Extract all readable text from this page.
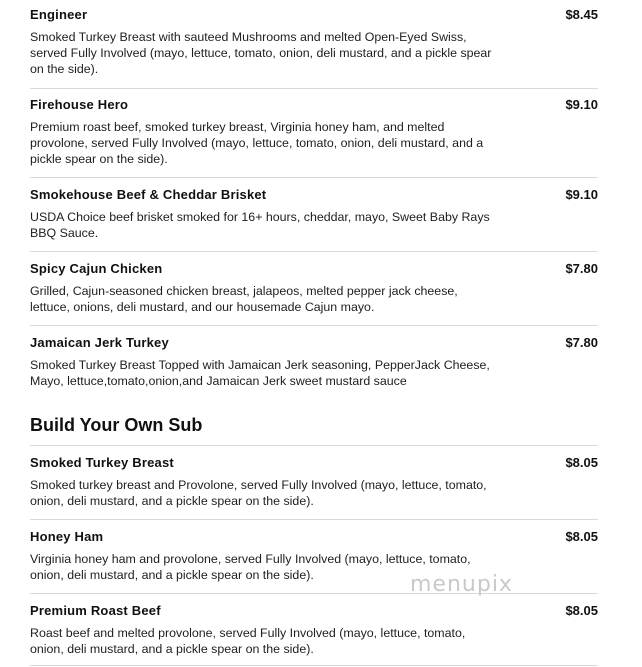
Engineer	$8.45
Smoked Turkey Breast with sauteed Mushrooms and melted Open-Eyed Swiss, served Fully Involved (mayo, lettuce, tomato, onion, deli mustard, and a pickle spear on the side).
Firehouse Hero	$9.10
Premium roast beef, smoked turkey breast, Virginia honey ham, and melted provolone, served Fully Involved (mayo, lettuce, tomato, onion, deli mustard, and a pickle spear on the side).
Smokehouse Beef & Cheddar Brisket	$9.10
USDA Choice beef brisket smoked for 16+ hours, cheddar, mayo, Sweet Baby Rays BBQ Sauce.
Spicy Cajun Chicken	$7.80
Grilled, Cajun-seasoned chicken breast, jalapeos, melted pepper jack cheese, lettuce, onions, deli mustard, and our housemade Cajun mayo.
Jamaican Jerk Turkey	$7.80
Smoked Turkey Breast Topped with Jamaican Jerk seasoning, PepperJack Cheese, Mayo, lettuce,tomato,onion,and Jamaican Jerk sweet mustard sauce
Build Your Own Sub
Smoked Turkey Breast	$8.05
Smoked turkey breast and Provolone, served Fully Involved (mayo, lettuce, tomato, onion, deli mustard, and a pickle spear on the side).
Honey Ham	$8.05
Virginia honey ham and provolone, served Fully Involved (mayo, lettuce, tomato, onion, deli mustard, and a pickle spear on the side).
Premium Roast Beef	$8.05
Roast beef and melted provolone, served Fully Involved (mayo, lettuce, tomato, onion, deli mustard, and a pickle spear on the side).
menupix
